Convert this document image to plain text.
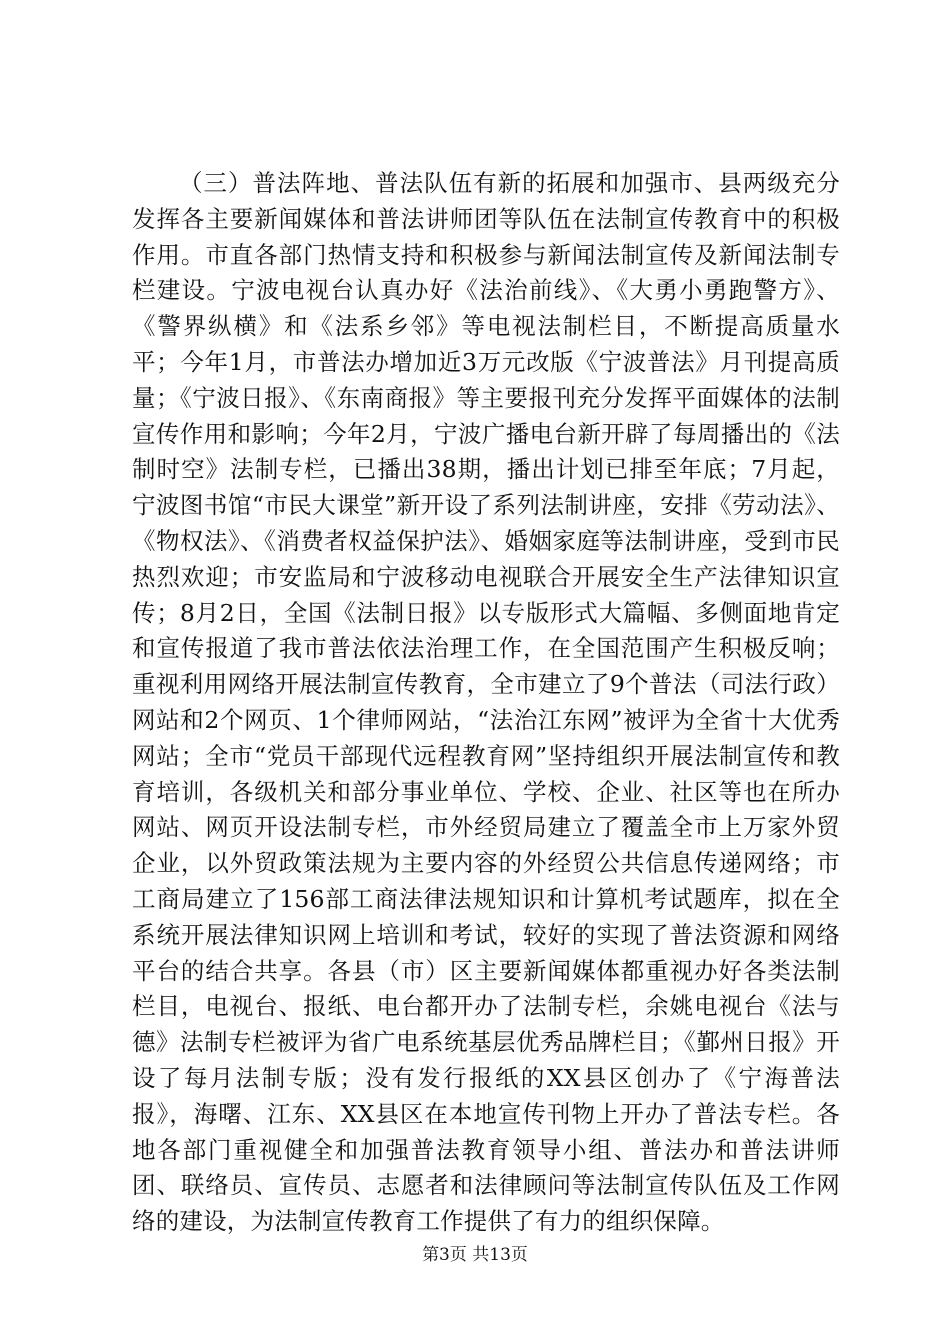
（三）普法阵地、普法队伍有新的拓展和加强市、县两级充分发挥各主要新闻媒体和普法讲师团等队伍在法制宣传教育中的积极作用。市直各部门热情支持和积极参与新闻法制宣传及新闻法制专栏建设。宁波电视台认真办好《法治前线》、《大勇小勇跑警方》、《警界纵横》和《法系乡邻》等电视法制栏目，不断提高质量水平；今年1月，市普法办增加近3万元改版《宁波普法》月刊提高质量；《宁波日报》、《东南商报》等主要报刊充分发挥平面媒体的法制宣传作用和影响；今年2月，宁波广播电台新开辟了每周播出的《法制时空》法制专栏，已播出38期，播出计划已排至年底；7月起，宁波图书馆“市民大课堂”新开设了系列法制讲座，安排《劳动法》、《物权法》、《消费者权益保护法》、婚姻家庭等法制讲座，受到市民热烈欢迎；市安监局和宁波移动电视联合开展安全生产法律知识宣传；8月2日，全国《法制日报》以专版形式大篇幅、多侧面地肯定和宣传报道了我市普法依法治理工作，在全国范围产生积极反响；重视利用网络开展法制宣传教育，全市建立了9个普法（司法行政）网站和2个网页、1个律师网站，“法治江东网”被评为全省十大优秀网站；全市“党员干部现代远程教育网”坚持组织开展法制宣传和教育培训，各级机关和部分事业单位、学校、企业、社区等也在所办网站、网页开设法制专栏，市外经贸局建立了覆盖全市上万家外贸企业，以外贸政策法规为主要内容的外经贸公共信息传递网络；市工商局建立了156部工商法律法规知识和计算机考试题库，拟在全系统开展法律知识网上培训和考试，较好的实现了普法资源和网络平台的结合共享。各县（市）区主要新闻媒体都重视办好各类法制栏目，电视台、报纸、电台都开办了法制专栏，余姚电视台《法与德》法制专栏被评为省广电系统基层优秀品牌栏目；《鄞州日报》开设了每月法制专版；没有发行报纸的XX县区创办了《宁海普法报》，海曙、江东、XX县区在本地宣传刊物上开办了普法专栏。各地各部门重视健全和加强普法教育领导小组、普法办和普法讲师团、联络员、宣传员、志愿者和法律顾问等法制宣传队伍及工作网络的建设，为法制宣传教育工作提供了有力的组织保障。

第3页 共13页
